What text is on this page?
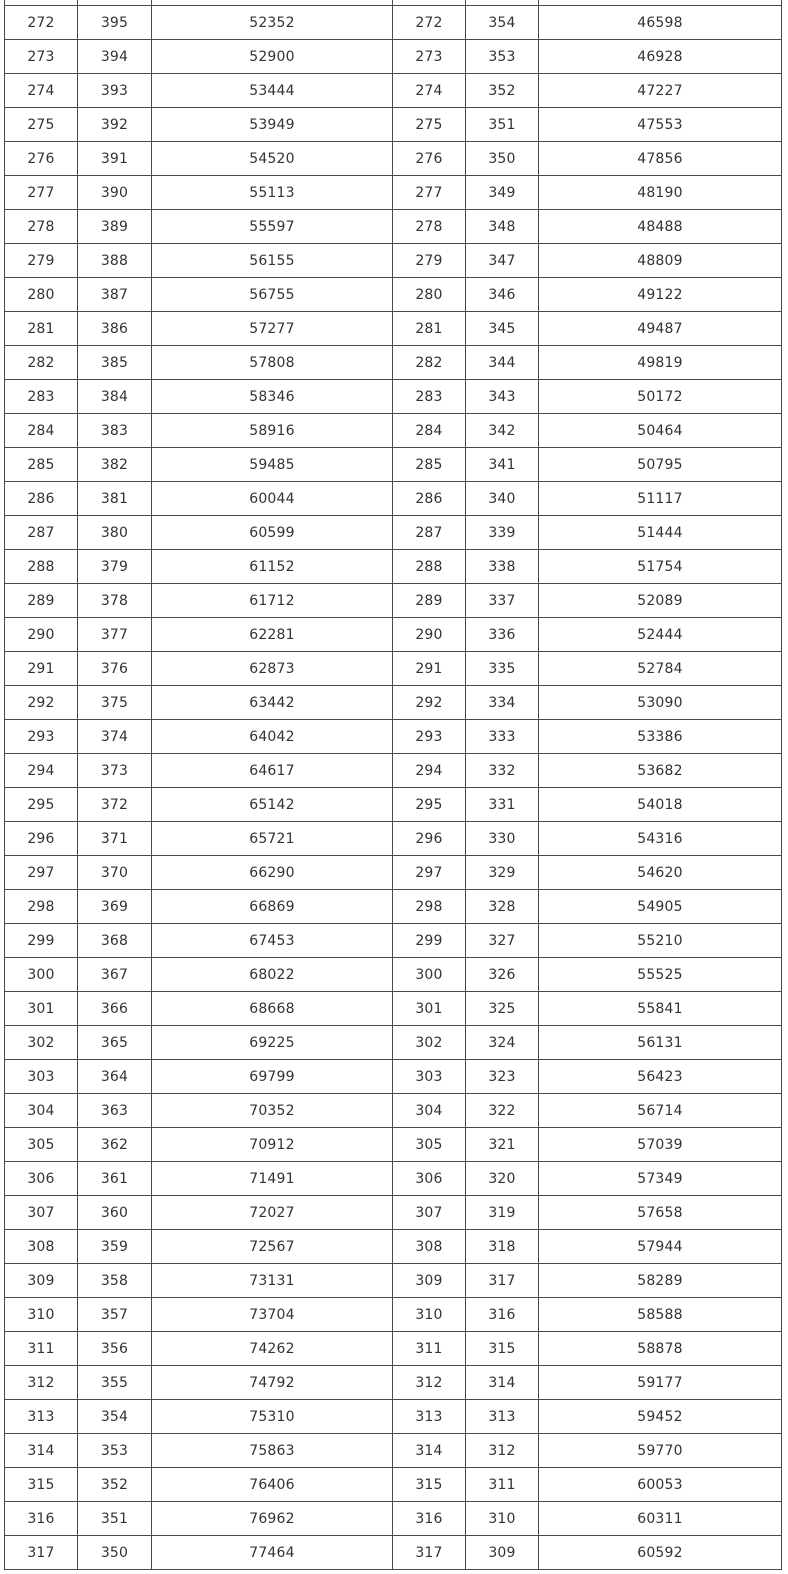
272	395	52352	272	354	46598
273	394	52900	273	353	46928
274	393	53444	274	352	47227
275	392	53949	275	351	47553
276	391	54520	276	350	47856
277	390	55113	277	349	48190
278	389	55597	278	348	48488
279	388	56155	279	347	48809
280	387	56755	280	346	49122
281	386	57277	281	345	49487
282	385	57808	282	344	49819
283	384	58346	283	343	50172
284	383	58916	284	342	50464
285	382	59485	285	341	50795
286	381	60044	286	340	51117
287	380	60599	287	339	51444
288	379	61152	288	338	51754
289	378	61712	289	337	52089
290	377	62281	290	336	52444
291	376	62873	291	335	52784
292	375	63442	292	334	53090
293	374	64042	293	333	53386
294	373	64617	294	332	53682
295	372	65142	295	331	54018
296	371	65721	296	330	54316
297	370	66290	297	329	54620
298	369	66869	298	328	54905
299	368	67453	299	327	55210
300	367	68022	300	326	55525
301	366	68668	301	325	55841
302	365	69225	302	324	56131
303	364	69799	303	323	56423
304	363	70352	304	322	56714
305	362	70912	305	321	57039
306	361	71491	306	320	57349
307	360	72027	307	319	57658
308	359	72567	308	318	57944
309	358	73131	309	317	58289
310	357	73704	310	316	58588
311	356	74262	311	315	58878
312	355	74792	312	314	59177
313	354	75310	313	313	59452
314	353	75863	314	312	59770
315	352	76406	315	311	60053
316	351	76962	316	310	60311
317	350	77464	317	309	60592
